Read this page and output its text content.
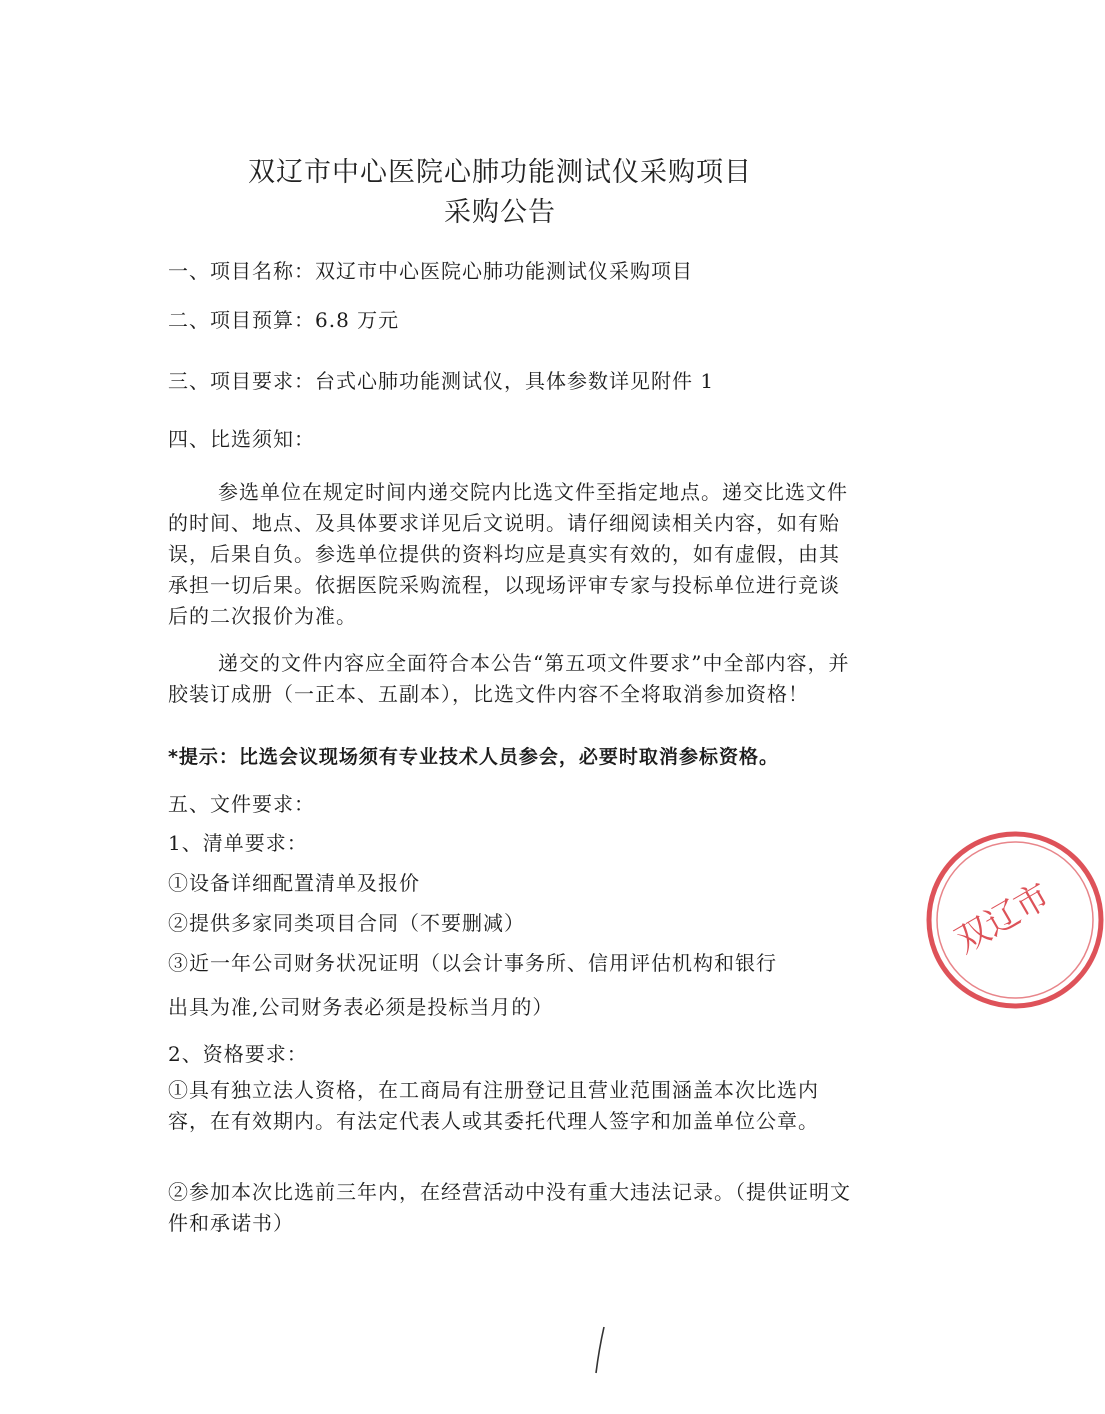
双辽市中心医院心肺功能测试仪采购项目
采购公告
一、项目名称：双辽市中心医院心肺功能测试仪采购项目
二、项目预算：6.8 万元
三、项目要求：台式心肺功能测试仪，具体参数详见附件 1
四、比选须知：
参选单位在规定时间内递交院内比选文件至指定地点。递交比选文件的时间、地点、及具体要求详见后文说明。请仔细阅读相关内容，如有贻误，后果自负。参选单位提供的资料均应是真实有效的，如有虚假，由其承担一切后果。依据医院采购流程，以现场评审专家与投标单位进行竞谈后的二次报价为准。
递交的文件内容应全面符合本公告“第五项文件要求”中全部内容，并胶装订成册（一正本、五副本），比选文件内容不全将取消参加资格！
*提示：比选会议现场须有专业技术人员参会，必要时取消参标资格。
五、文件要求：
1、清单要求：
①设备详细配置清单及报价
②提供多家同类项目合同（不要删减）
③近一年公司财务状况证明（以会计事务所、信用评估机构和银行
出具为准,公司财务表必须是投标当月的）
2、资格要求：
①具有独立法人资格，在工商局有注册登记且营业范围涵盖本次比选内容，在有效期内。有法定代表人或其委托代理人签字和加盖单位公章。
②参加本次比选前三年内，在经营活动中没有重大违法记录。（提供证明文件和承诺书）
双辽市
